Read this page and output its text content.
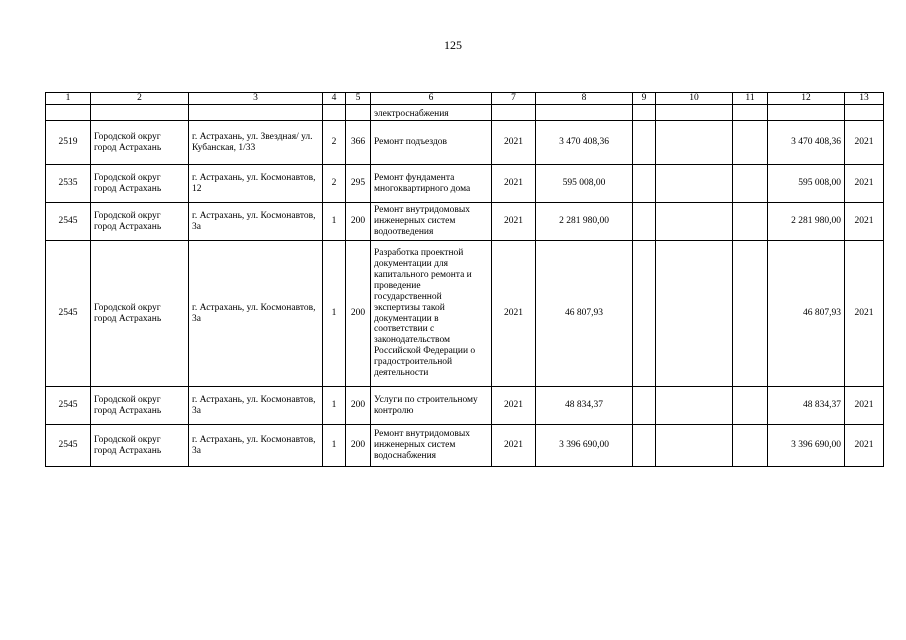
125
1	2	3	4	5	6	7	8	9	10	11	12	13
					электроснабжения							
2519	Городской округ город Астрахань	г. Астрахань, ул. Звездная/ ул. Кубанская, 1/33	2	366	Ремонт подъездов	2021	3 470 408,36				3 470 408,36	2021
2535	Городской округ город Астрахань	г. Астрахань, ул. Космонавтов, 12	2	295	Ремонт фундамента многоквартирного дома	2021	595 008,00				595 008,00	2021
2545	Городской округ город Астрахань	г. Астрахань, ул. Космонавтов, 3а	1	200	Ремонт внутридомовых инженерных систем водоотведения	2021	2 281 980,00				2 281 980,00	2021
2545	Городской округ город Астрахань	г. Астрахань, ул. Космонавтов, 3а	1	200	Разработка проектной документации для капитального ремонта и проведение государственной экспертизы такой документации в соответствии с законодательством Российской Федерации о градостроительной деятельности	2021	46 807,93				46 807,93	2021
2545	Городской округ город Астрахань	г. Астрахань, ул. Космонавтов, 3а	1	200	Услуги по строительному контролю	2021	48 834,37				48 834,37	2021
2545	Городской округ город Астрахань	г. Астрахань, ул. Космонавтов, 3а	1	200	Ремонт внутридомовых инженерных систем водоснабжения	2021	3 396 690,00				3 396 690,00	2021
